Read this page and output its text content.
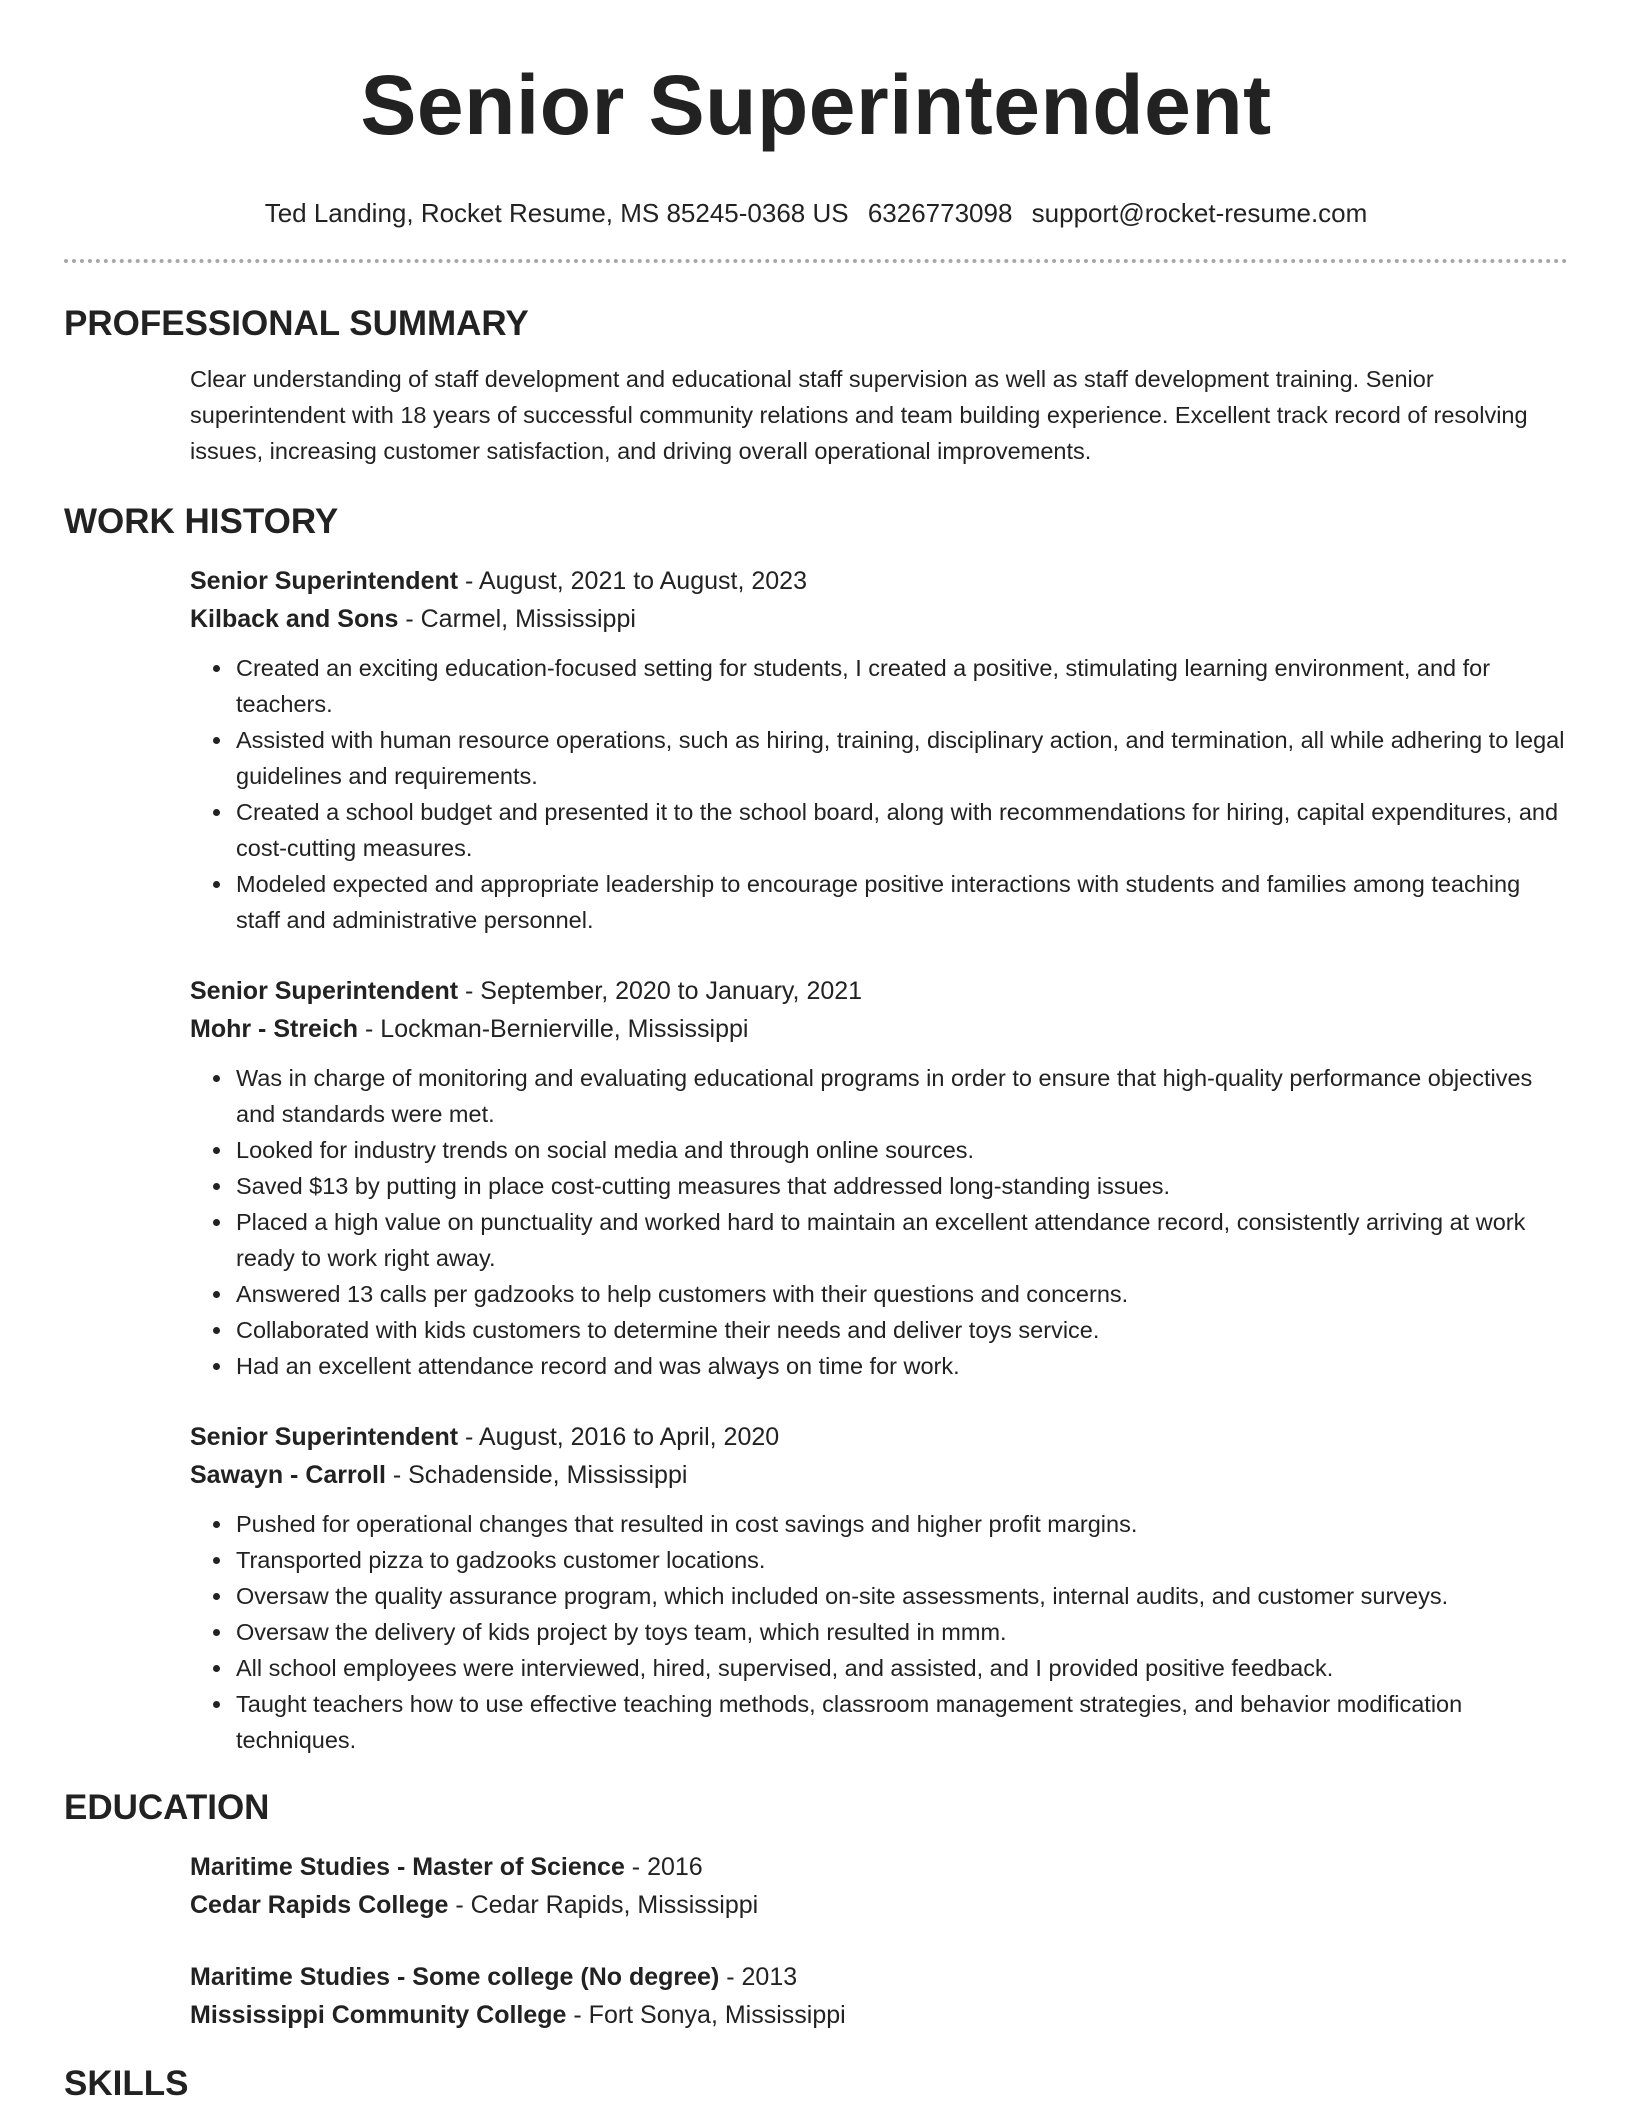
Senior Superintendent
Ted Landing, Rocket Resume, MS 85245-0368 US 6326773098 support@rocket-resume.com
PROFESSIONAL SUMMARY

Clear understanding of staff development and educational staff supervision as well as staff development training. Senior superintendent with 18 years of successful community relations and team building experience. Excellent track record of resolving issues, increasing customer satisfaction, and driving overall operational improvements.

WORK HISTORY

Senior Superintendent - August, 2021 to August, 2023

Kilback and Sons - Carmel, Mississippi

• Created an exciting education-focused setting for students, I created a positive, stimulating learning environment, and for teachers.
• Assisted with human resource operations, such as hiring, training, disciplinary action, and termination, all while adhering to legal guidelines and requirements.
• Created a school budget and presented it to the school board, along with recommendations for hiring, capital expenditures, and cost-cutting measures.
• Modeled expected and appropriate leadership to encourage positive interactions with students and families among teaching staff and administrative personnel.

Senior Superintendent - September, 2020 to January, 2021

Mohr - Streich - Lockman-Bernierville, Mississippi

• Was in charge of monitoring and evaluating educational programs in order to ensure that high-quality performance objectives and standards were met.
• Looked for industry trends on social media and through online sources.
• Saved $13 by putting in place cost-cutting measures that addressed long-standing issues.
• Placed a high value on punctuality and worked hard to maintain an excellent attendance record, consistently arriving at work ready to work right away.
• Answered 13 calls per gadzooks to help customers with their questions and concerns.
• Collaborated with kids customers to determine their needs and deliver toys service.
• Had an excellent attendance record and was always on time for work.

Senior Superintendent - August, 2016 to April, 2020

Sawayn - Carroll - Schadenside, Mississippi

• Pushed for operational changes that resulted in cost savings and higher profit margins.
• Transported pizza to gadzooks customer locations.
• Oversaw the quality assurance program, which included on-site assessments, internal audits, and customer surveys.
• Oversaw the delivery of kids project by toys team, which resulted in mmm.
• All school employees were interviewed, hired, supervised, and assisted, and I provided positive feedback.
• Taught teachers how to use effective teaching methods, classroom management strategies, and behavior modification techniques.
EDUCATION

Maritime Studies - Master of Science - 2016

Cedar Rapids College - Cedar Rapids, Mississippi

Maritime Studies - Some college (No degree) - 2013

Mississippi Community College - Fort Sonya, Mississippi

SKILLS
